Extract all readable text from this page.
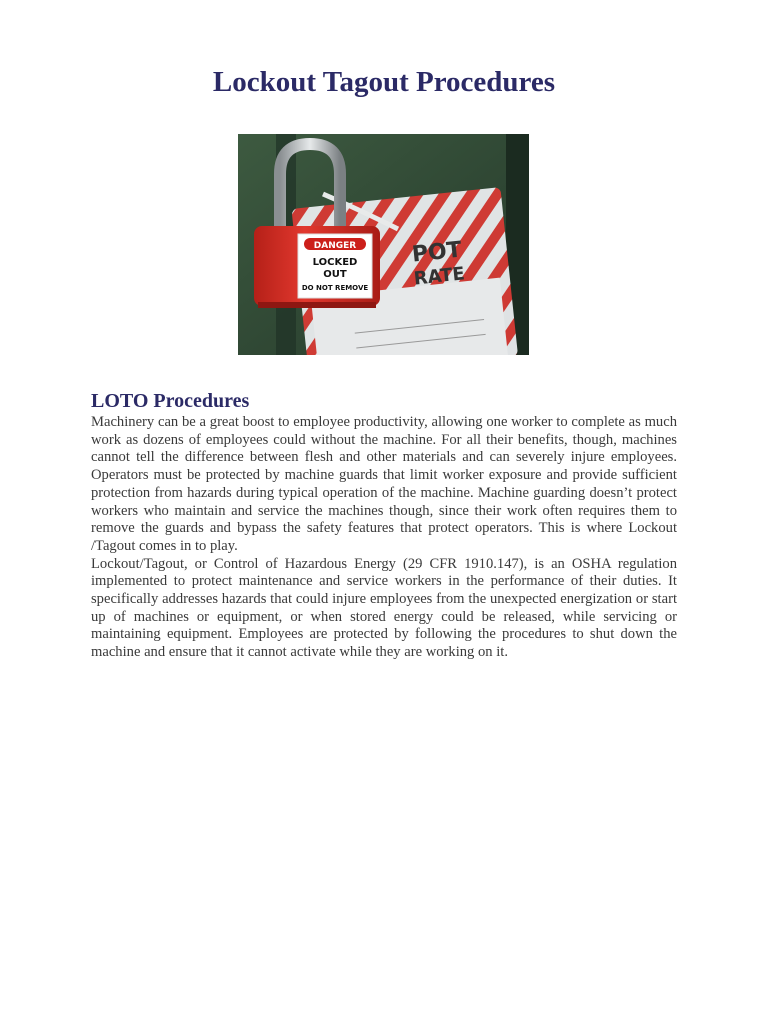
Lockout Tagout Procedures
POT
RATE
DANGER
LOCKED
OUT
DO NOT REMOVE
LOTO Procedures

Machinery can be a great boost to employee productivity, allowing one worker to complete as much work as dozens of employees could without the machine. For all their benefits, though, machines cannot tell the difference between flesh and other materials and can severely injure employees. Operators must be protected by machine guards that limit worker exposure and provide sufficient protection from hazards during typical operation of the machine. Machine guarding doesn’t protect workers who maintain and service the machines though, since their work often requires them to remove the guards and bypass the safety features that protect operators. This is where Lockout /Tagout comes in to play.

Lockout/Tagout, or Control of Hazardous Energy (29 CFR 1910.147), is an OSHA regulation implemented to protect maintenance and service workers in the performance of their duties. It specifically addresses hazards that could injure employees from the unexpected energization or start up of machines or equipment, or when stored energy could be released, while servicing or maintaining equipment. Employees are protected by following the procedures to shut down the machine and ensure that it cannot activate while they are working on it.
